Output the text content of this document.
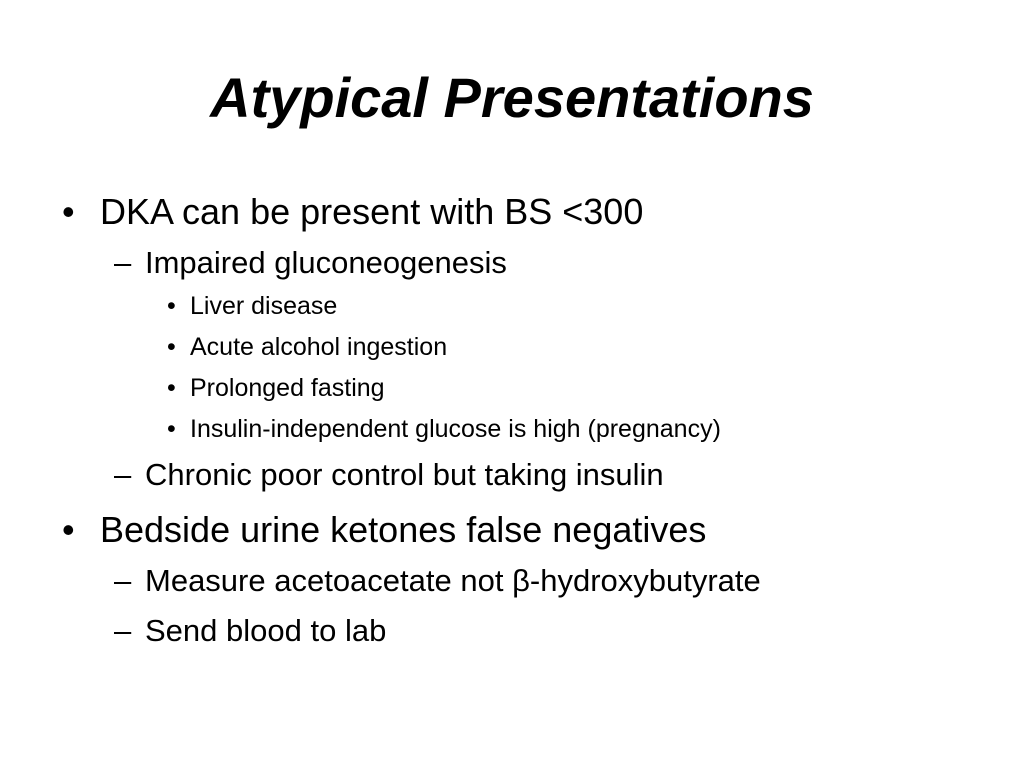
Atypical Presentations
• DKA can be present with BS <300
– Impaired gluconeogenesis
• Liver disease
• Acute alcohol ingestion
• Prolonged fasting
• Insulin-independent glucose is high (pregnancy)
– Chronic poor control but taking insulin
• Bedside urine ketones false negatives
– Measure acetoacetate not β-hydroxybutyrate
– Send blood to lab
